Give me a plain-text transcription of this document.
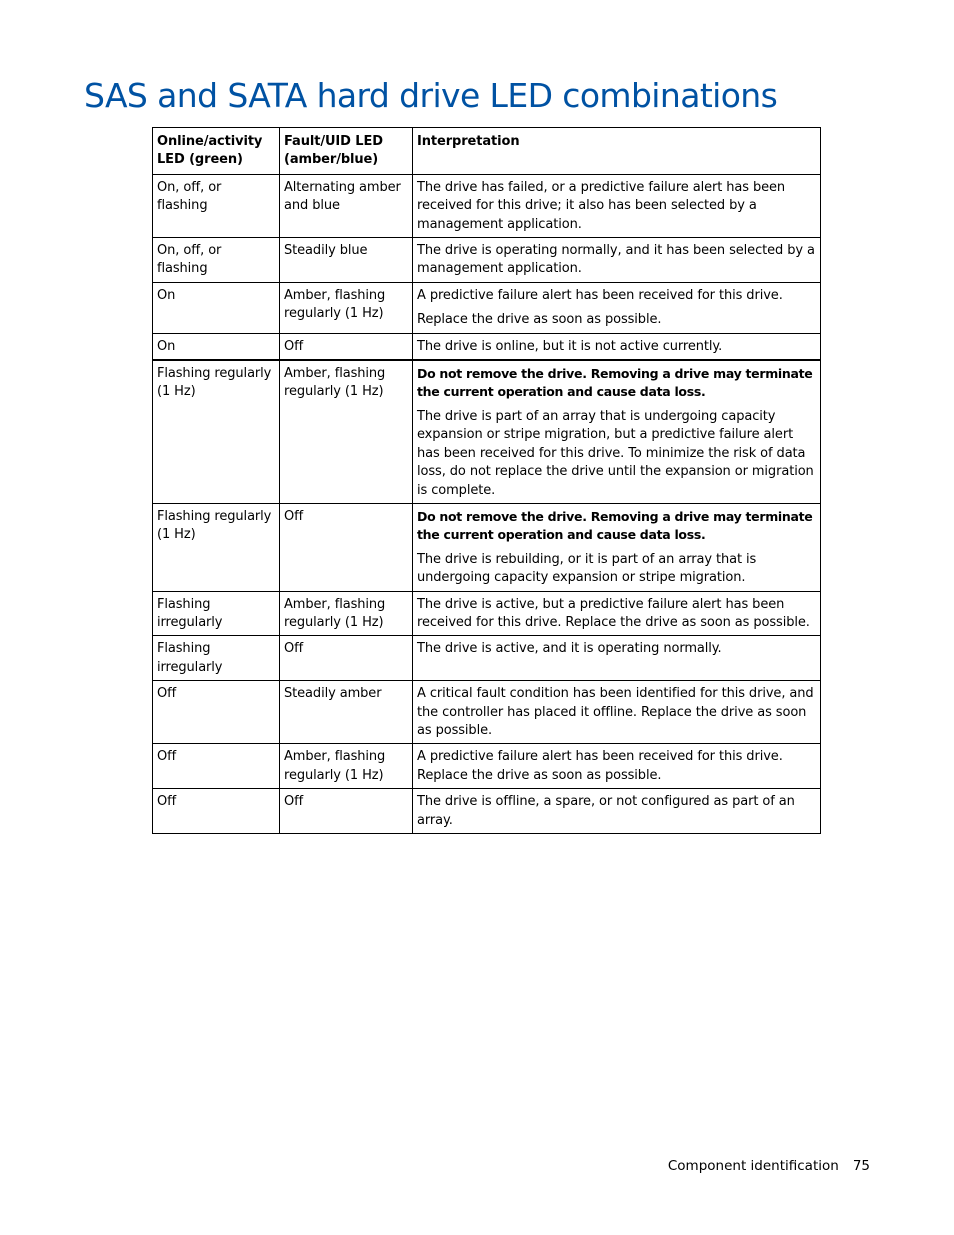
SAS and SATA hard drive LED combinations
Online/activity LED (green)	Fault/UID LED (amber/blue)	Interpretation
On, off, or flashing	Alternating amber and blue	The drive has failed, or a predictive failure alert has been received for this drive; it also has been selected by a management application.

On, off, or flashing	Steadily blue	The drive is operating normally, and it has been selected by a management application.

On	Amber, flashing regularly (1 Hz)	A predictive failure alert has been received for this drive.
Replace the drive as soon as possible.

On	Off	The drive is online, but it is not active currently.

Flashing regularly (1 Hz)	Amber, flashing regularly (1 Hz)	Do not remove the drive. Removing a drive may terminate the current operation and cause data loss.
The drive is part of an array that is undergoing capacity expansion or stripe migration, but a predictive failure alert has been received for this drive. To minimize the risk of data loss, do not replace the drive until the expansion or migration is complete.

Flashing regularly (1 Hz)	Off	Do not remove the drive. Removing a drive may terminate the current operation and cause data loss.
The drive is rebuilding, or it is part of an array that is undergoing capacity expansion or stripe migration.

Flashing irregularly	Amber, flashing regularly (1 Hz)	The drive is active, but a predictive failure alert has been received for this drive. Replace the drive as soon as possible.

Flashing irregularly	Off	The drive is active, and it is operating normally.

Off	Steadily amber	A critical fault condition has been identified for this drive, and the controller has placed it offline. Replace the drive as soon as possible.

Off	Amber, flashing regularly (1 Hz)	A predictive failure alert has been received for this drive. Replace the drive as soon as possible.

Off	Off	The drive is offline, a spare, or not configured as part of an array.
Component identification 75
